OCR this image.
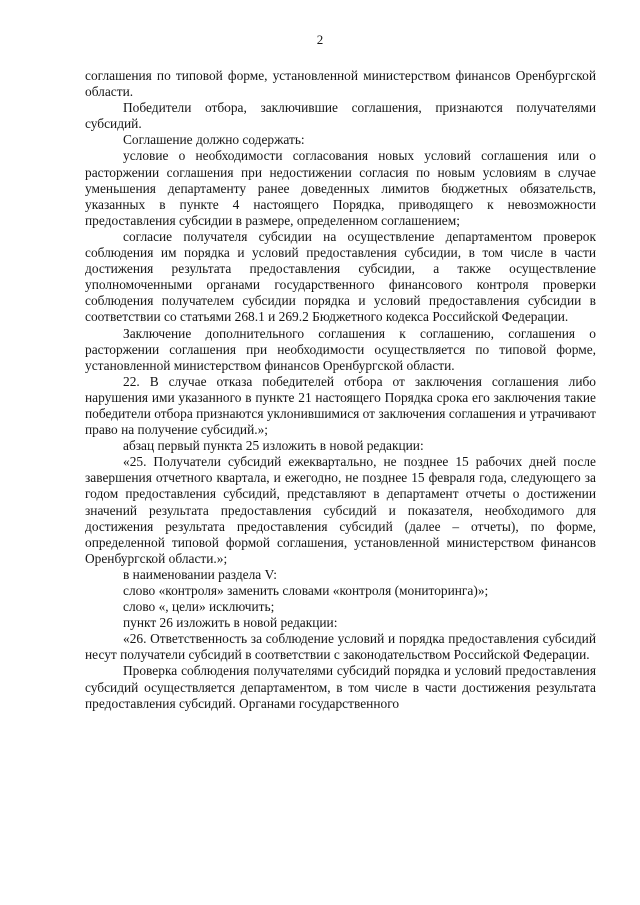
2

соглашения по типовой форме, установленной министерством финансов Оренбургской области.

Победители отбора, заключившие соглашения, признаются получателями субсидий.

Соглашение должно содержать:

условие о необходимости согласования новых условий соглашения или о расторжении соглашения при недостижении согласия по новым условиям в случае уменьшения департаменту ранее доведенных лимитов бюджетных обязательств, указанных в пункте 4 настоящего Порядка, приводящего к невозможности предоставления субсидии в размере, определенном соглашением;

согласие получателя субсидии на осуществление департаментом проверок соблюдения им порядка и условий предоставления субсидии, в том числе в части достижения результата предоставления субсидии, а также осуществление уполномоченными органами государственного финансового контроля проверки соблюдения получателем субсидии порядка и условий предоставления субсидии в соответствии со статьями 268.1 и 269.2 Бюджетного кодекса Российской Федерации.

Заключение дополнительного соглашения к соглашению, соглашения о расторжении соглашения при необходимости осуществляется по типовой форме, установленной министерством финансов Оренбургской области.

22. В случае отказа победителей отбора от заключения соглашения либо нарушения ими указанного в пункте 21 настоящего Порядка срока его заключения такие победители отбора признаются уклонившимися от заключения соглашения и утрачивают право на получение субсидий.»;

абзац первый пункта 25 изложить в новой редакции:

«25. Получатели субсидий ежеквартально, не позднее 15 рабочих дней после завершения отчетного квартала, и ежегодно, не позднее 15 февраля года, следующего за годом предоставления субсидий, представляют в департамент отчеты о достижении значений результата предоставления субсидий и показателя, необходимого для достижения результата предоставления субсидий (далее – отчеты), по форме, определенной типовой формой соглашения, установленной министерством финансов Оренбургской области.»;

в наименовании раздела V:

слово «контроля» заменить словами «контроля (мониторинга)»;

слово «, цели» исключить;

пункт 26 изложить в новой редакции:

«26. Ответственность за соблюдение условий и порядка предоставления субсидий несут получатели субсидий в соответствии с законодательством Российской Федерации.

Проверка соблюдения получателями субсидий порядка и условий предоставления субсидий осуществляется департаментом, в том числе в части достижения результата предоставления субсидий. Органами государственного
